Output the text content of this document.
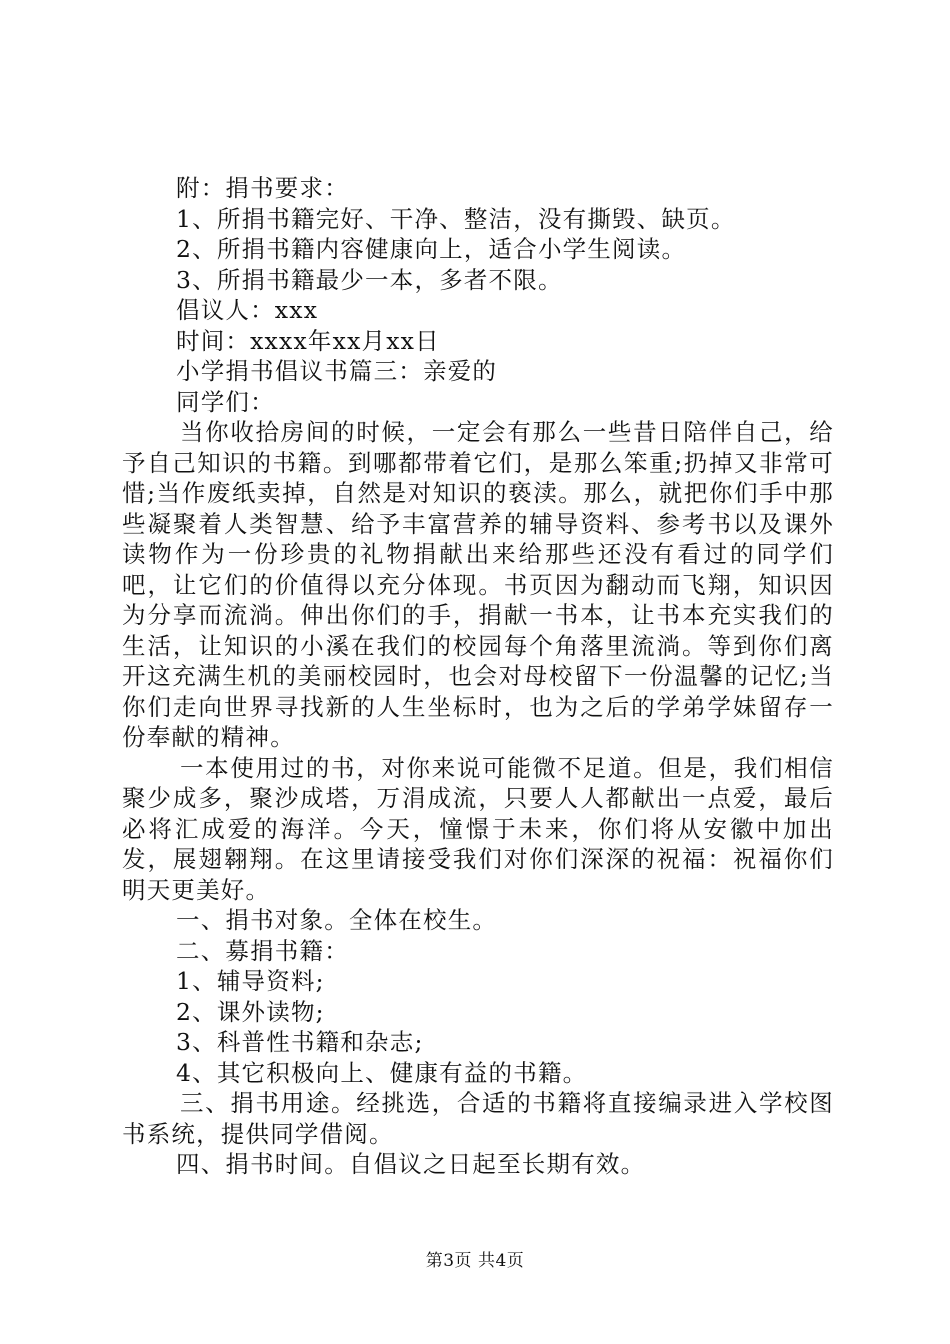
附：捐书要求：
1、所捐书籍完好、干净、整洁，没有撕毁、缺页。
2、所捐书籍内容健康向上，适合小学生阅读。
3、所捐书籍最少一本，多者不限。
倡议人：xxx
时间：xxxx年xx月xx日
小学捐书倡议书篇三：亲爱的
同学们：
当你收拾房间的时候，一定会有那么一些昔日陪伴自己，给予自己知识的书籍。到哪都带着它们，是那么笨重;扔掉又非常可惜;当作废纸卖掉，自然是对知识的亵渎。那么，就把你们手中那些凝聚着人类智慧、给予丰富营养的辅导资料、参考书以及课外读物作为一份珍贵的礼物捐献出来给那些还没有看过的同学们吧，让它们的价值得以充分体现。书页因为翻动而飞翔，知识因为分享而流淌。伸出你们的手，捐献一书本，让书本充实我们的生活，让知识的小溪在我们的校园每个角落里流淌。等到你们离开这充满生机的美丽校园时，也会对母校留下一份温馨的记忆;当你们走向世界寻找新的人生坐标时，也为之后的学弟学妹留存一份奉献的精神。
一本使用过的书，对你来说可能微不足道。但是，我们相信聚少成多，聚沙成塔，万涓成流，只要人人都献出一点爱，最后必将汇成爱的海洋。今天，憧憬于未来，你们将从安徽中加出发，展翅翱翔。在这里请接受我们对你们深深的祝福：祝福你们明天更美好。
一、捐书对象。全体在校生。
二、募捐书籍：
1、辅导资料;
2、课外读物;
3、科普性书籍和杂志;
4、其它积极向上、健康有益的书籍。
三、捐书用途。经挑选，合适的书籍将直接编录进入学校图书系统，提供同学借阅。
四、捐书时间。自倡议之日起至长期有效。
第3页 共4页
